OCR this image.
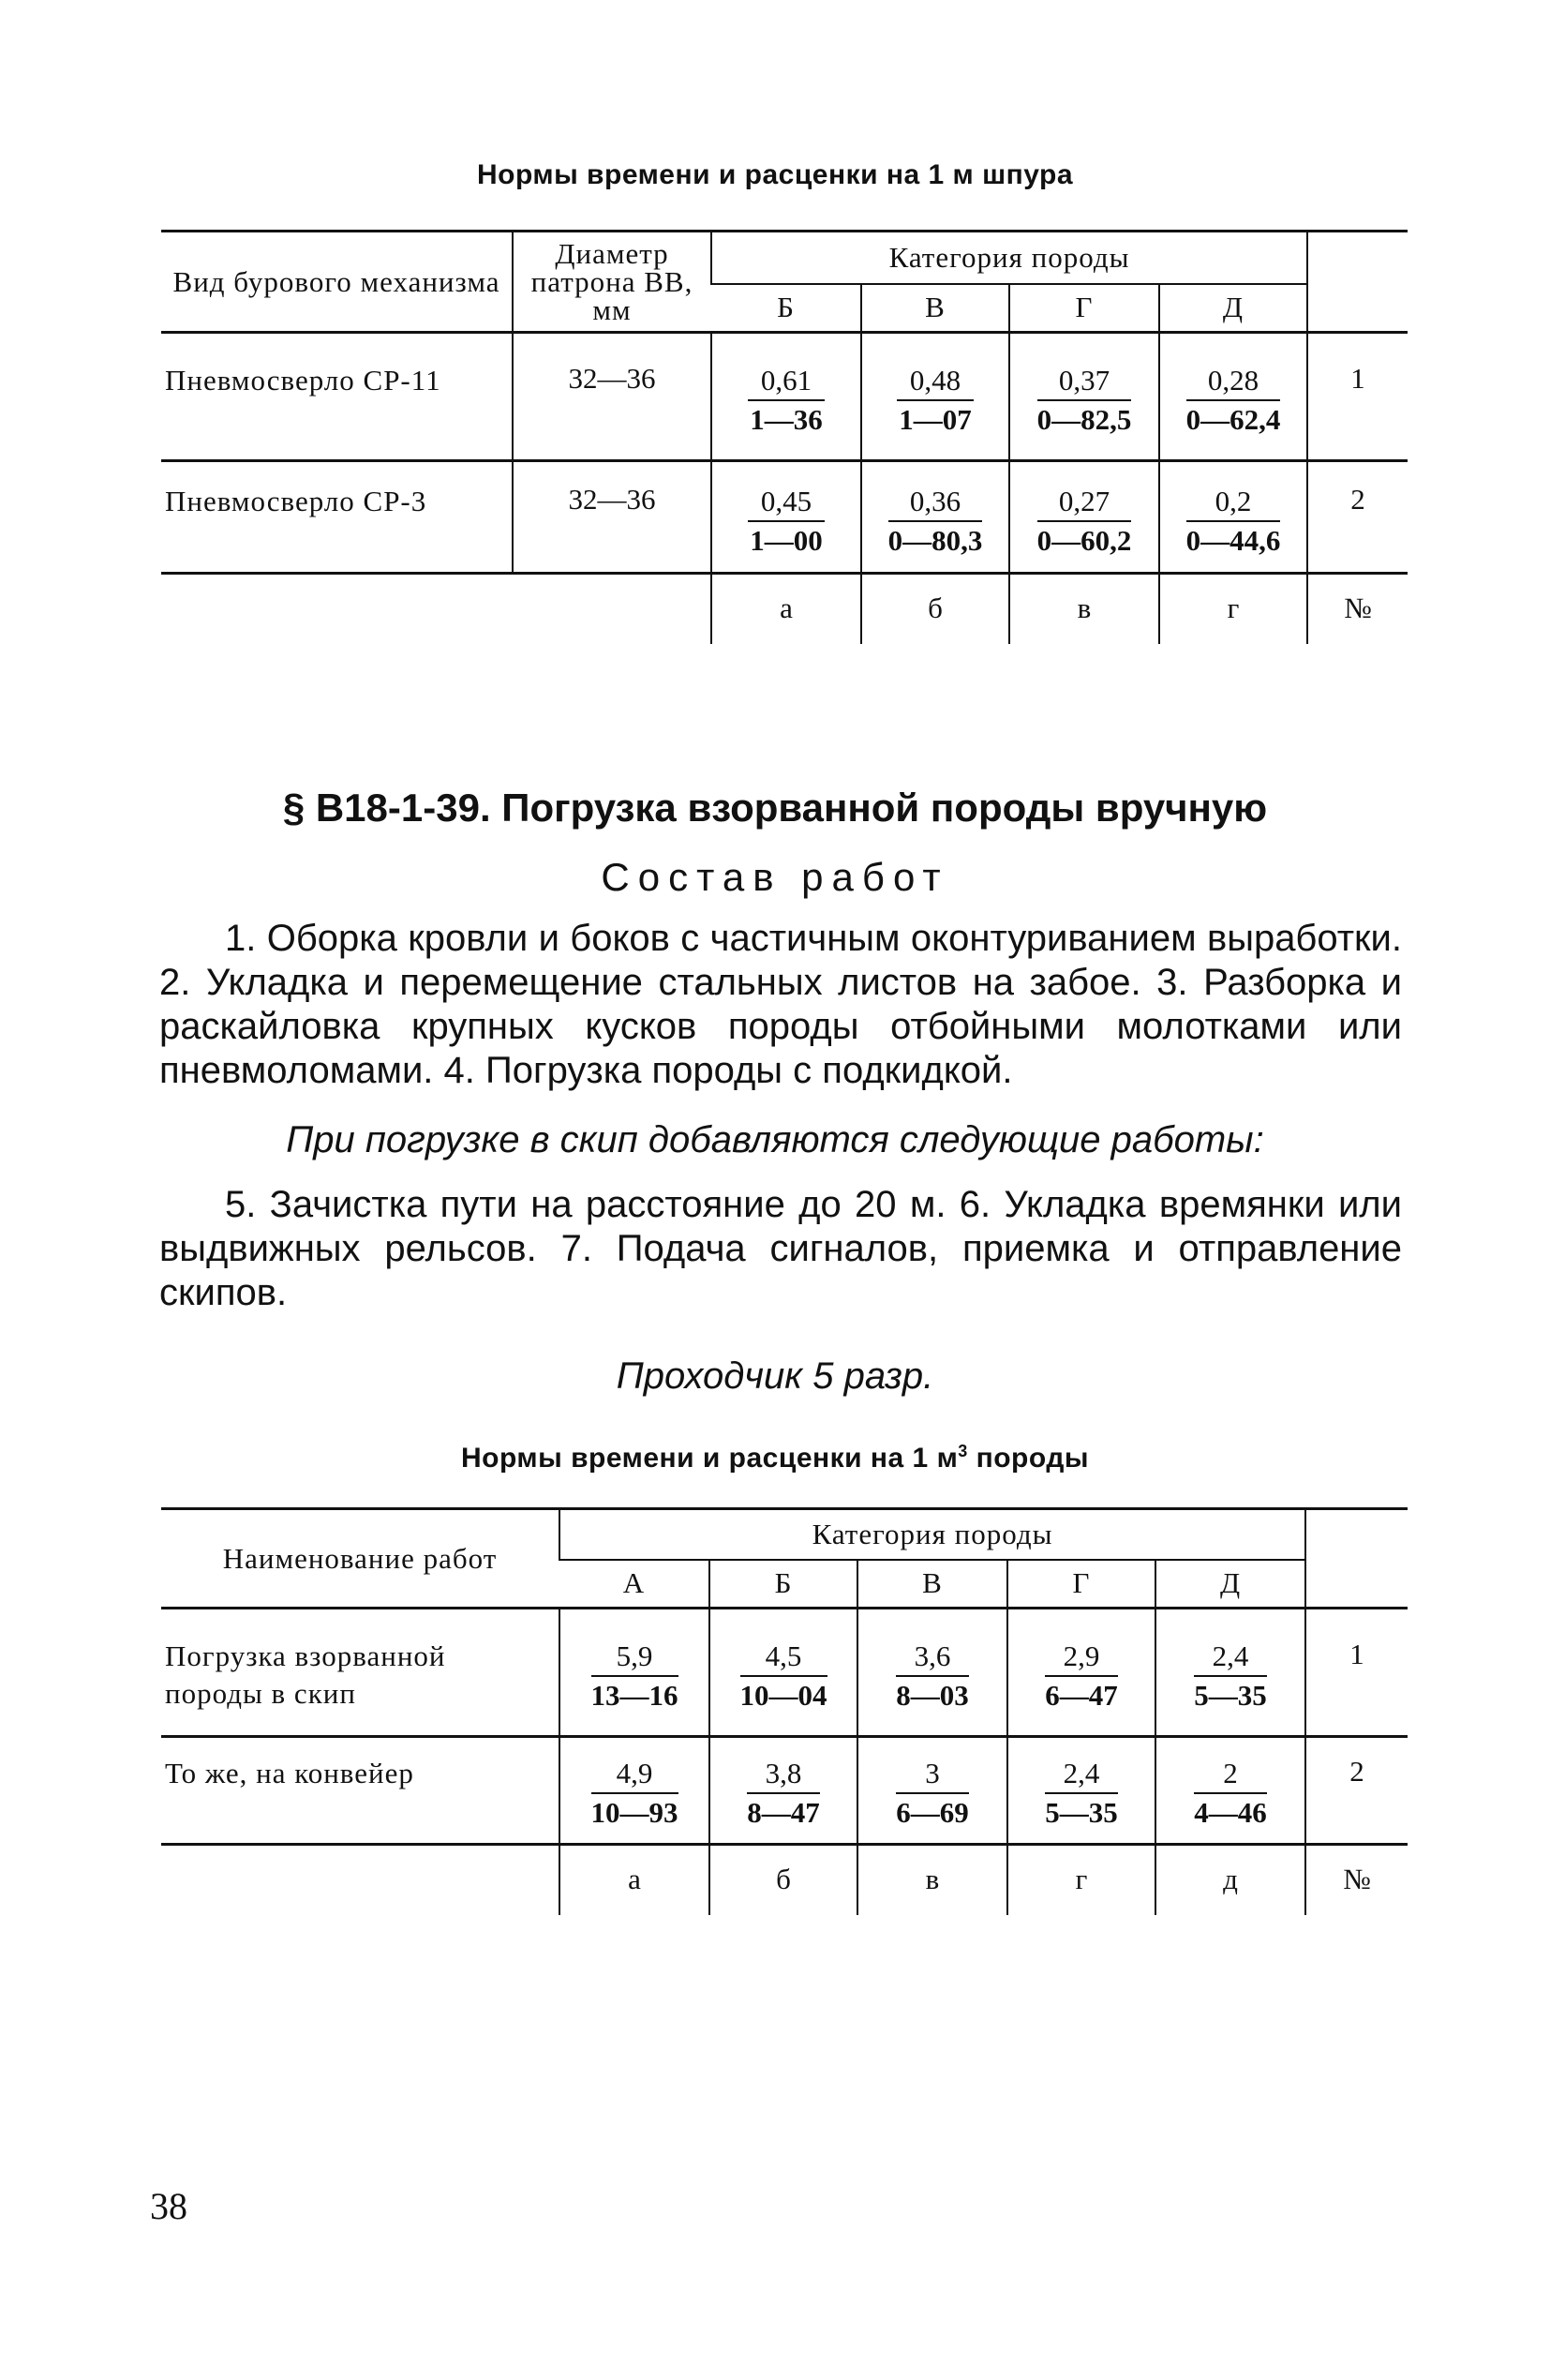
Нормы времени и расценки на 1 м шпура
Вид бурового механизма	Диаметр патрона ВВ, мм	Категория породы				
		Б	В	Г	Д	
Пневмосверло СР-11	32—36	$\frac{0,61}{1—36}$	$\frac{0,48}{1—07}$	$\frac{0,37}{0—82,5}$	$\frac{0,28}{0—62,4}$	1
Пневмосверло СР-3	32—36	$\frac{0,45}{1—00}$	$\frac{0,36}{0—80,3}$	$\frac{0,27}{0—60,2}$	$\frac{0,2}{0—44,6}$	2
		а	б	в	г	№
§ В18-1-39. Погрузка взорванной породы вручную
Состав работ
1. Оборка кровли и боков с частичным оконтуриванием выработки. 2. Укладка и перемещение стальных листов на забое. 3. Разборка и раскайловка крупных кусков породы отбойными молотками или пневмоломами. 4. Погрузка породы с подкидкой.
При погрузке в скип добавляются следующие работы:
5. Зачистка пути на расстояние до 20 м. 6. Укладка времянки или выдвижных рельсов. 7. Подача сигналов, приемка и отправление скипов.
Проходчик 5 разр.
Нормы времени и расценки на 1 $м^3$ породы
Наименование работ	Категория породы					
	А	Б	В	Г	Д	
Погрузка взорванной породы в скип	$\frac{5,9}{13—16}$	$\frac{4,5}{10—04}$	$\frac{3,6}{8—03}$	$\frac{2,9}{6—47}$	$\frac{2,4}{5—35}$	1
То же, на конвейер	$\frac{4,9}{10—93}$	$\frac{3,8}{8—47}$	$\frac{3}{6—69}$	$\frac{2,4}{5—35}$	$\frac{2}{4—46}$	2
	а	б	в	г	д	№
38
